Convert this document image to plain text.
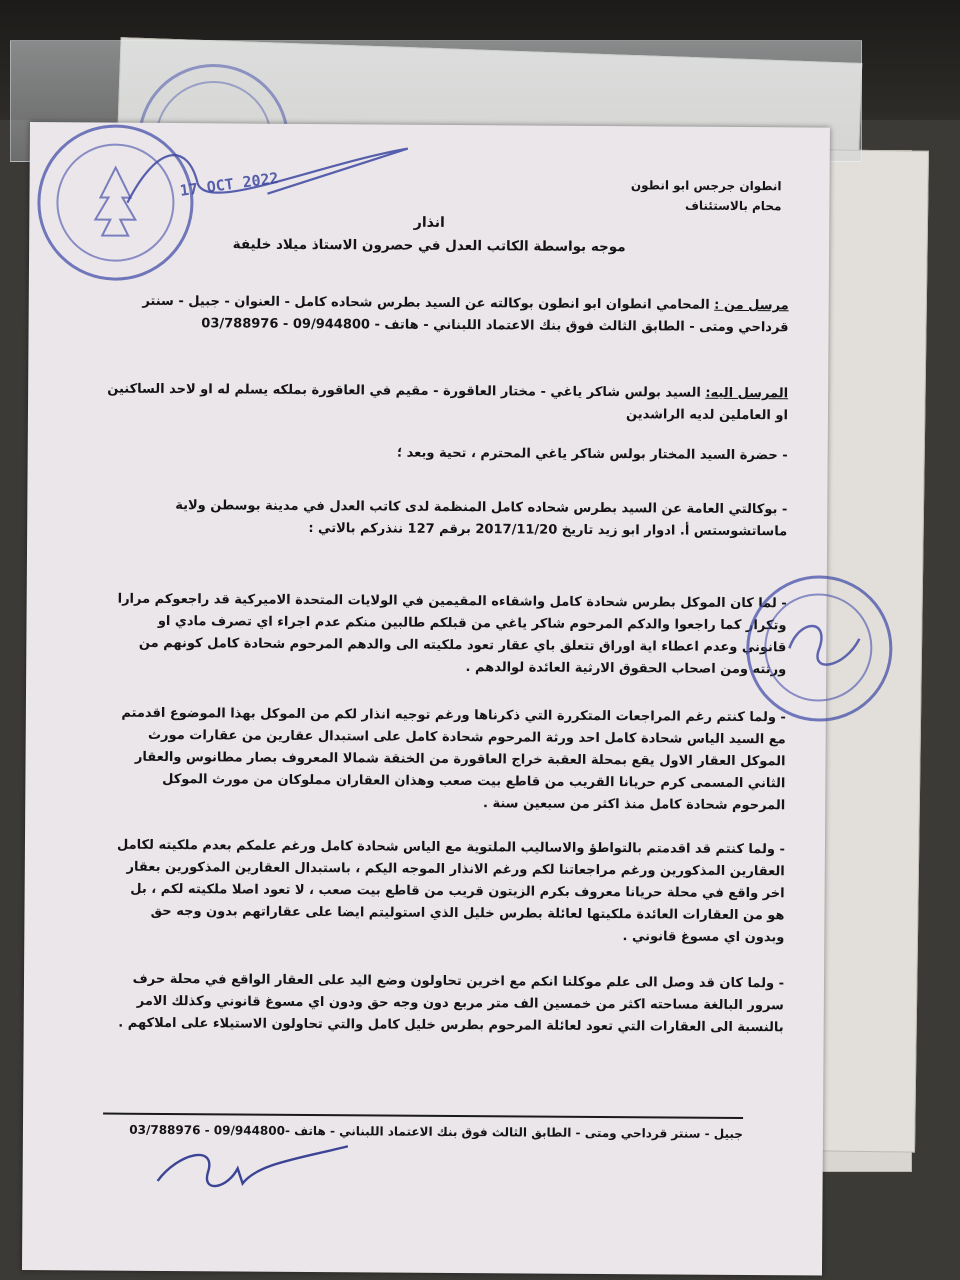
انطوان جرجس ابو انطون
محام بالاستئناف
انذار
موجه بواسطة الكاتب العدل في حصرون الاستاذ ميلاد خليفة
مرسل من : المحامي انطوان ابو انطون بوكالته عن السيد بطرس شحاده كامل - العنوان - جبيل - سنتر
قرداحي ومتى - الطابق الثالث فوق بنك الاعتماد اللبناني - هاتف - 09/944800 - 03/788976
المرسل اليه: السيد بولس شاكر ياغي - مختار العاقورة - مقيم في العاقورة بملكه يسلم له او لاحد الساكنين
او العاملين لديه الراشدين
- حضرة السيد المختار بولس شاكر ياغي المحترم ، تحية وبعد ؛
- بوكالتي العامة عن السيد بطرس شحاده كامل المنظمة لدى كاتب العدل في مدينة بوسطن ولاية
ماساتشوستس أ. ادوار ابو زيد تاريخ 2017/11/20 برقم 127 ننذركم بالاتي :
- لما كان الموكل بطرس شحادة كامل واشقاءه المقيمين في الولايات المتحدة الاميركية قد راجعوكم مرارا
وتكرار كما راجعوا والدكم المرحوم شاكر ياغي من قبلكم طالبين منكم عدم اجراء اي تصرف مادي او
قانوني وعدم اعطاء اية اوراق تتعلق باي عقار تعود ملكيته الى والدهم المرحوم شحادة كامل كونهم من
ورثته ومن اصحاب الحقوق الارثية العائدة لوالدهم .
- ولما كنتم رغم المراجعات المتكررة التي ذكرناها ورغم توجيه انذار لكم من الموكل بهذا الموضوع اقدمتم
مع السيد الياس شحادة كامل احد ورثة المرحوم شحادة كامل على استبدال عقارين من عقارات مورث
الموكل العقار الاول يقع بمحلة العقبة خراج العاقورة من الخنقة شمالا المعروف بصار مطانوس والعقار
الثاني المسمى كرم حريانا القريب من قاطع بيت صعب وهذان العقاران مملوكان من مورث الموكل
المرحوم شحادة كامل منذ اكثر من سبعين سنة .
- ولما كنتم قد اقدمتم بالتواطؤ والاساليب الملتوية مع الياس شحادة كامل ورغم علمكم بعدم ملكيته لكامل
العقارين المذكورين ورغم مراجعاتنا لكم ورغم الانذار الموجه اليكم ، باستبدال العقارين المذكورين بعقار
اخر واقع في محلة حريانا معروف بكرم الزيتون قريب من قاطع بيت صعب ، لا تعود اصلا ملكيته لكم ، بل
هو من العقارات العائدة ملكيتها لعائلة بطرس خليل الذي استوليتم ايضا على عقاراتهم بدون وجه حق
وبدون اي مسوغ قانوني .
- ولما كان قد وصل الى علم موكلنا انكم مع اخرين تحاولون وضع اليد على العقار الواقع في محلة حرف
سرور البالغة مساحته اكثر من خمسين الف متر مربع دون وجه حق ودون اي مسوغ قانوني وكذلك الامر
بالنسبة الى العقارات التي تعود لعائلة المرحوم بطرس خليل كامل والتي تحاولون الاستيلاء على املاكهم .
جبيل - سنتر قرداحي ومتى - الطابق الثالث فوق بنك الاعتماد اللبناني - هاتف -09/944800 - 03/788976
17 OCT 2022
